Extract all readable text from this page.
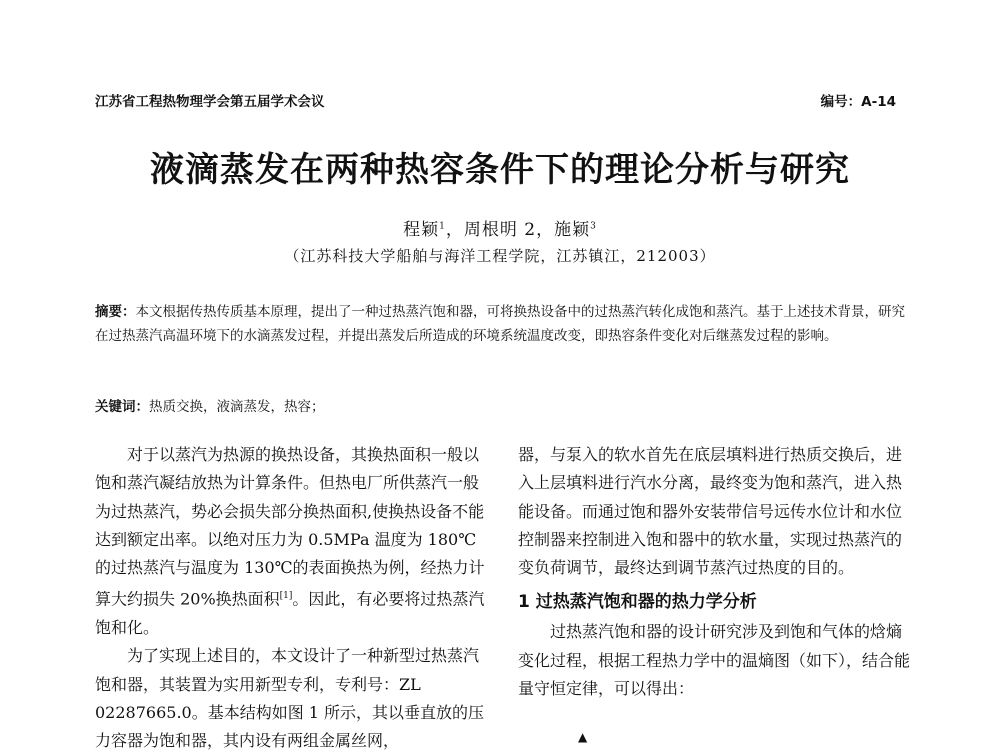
江苏省工程热物理学会第五届学术会议	编号：A-14
液滴蒸发在两种热容条件下的理论分析与研究
程颖$^1$，周根明 2，施颖$^3$
（江苏科技大学船舶与海洋工程学院，江苏镇江，212003）
摘要：本文根据传热传质基本原理，提出了一种过热蒸汽饱和器，可将换热设备中的过热蒸汽转化成饱和蒸汽。基于上述技术背景，研究在过热蒸汽高温环境下的水滴蒸发过程，并提出蒸发后所造成的环境系统温度改变，即热容条件变化对后继蒸发过程的影响。
关键词：热质交换，液滴蒸发，热容；

对于以蒸汽为热源的换热设备，其换热面积一般以饱和蒸汽凝结放热为计算条件。但热电厂所供蒸汽一般为过热蒸汽，势必会损失部分换热面积,使换热设备不能达到额定出率。以绝对压力为 0.5MPa 温度为 180℃的过热蒸汽与温度为 130℃的表面换热为例，经热力计算大约损失 20%换热面积[1]。因此，有必要将过热蒸汽饱和化。

为了实现上述目的，本文设计了一种新型过热蒸汽饱和器，其装置为实用新型专利，专利号：ZL 02287665.0。基本结构如图 1 所示，其以垂直放的压力容器为饱和器，其内设有两组金属丝网，

器，与泵入的软水首先在底层填料进行热质交换后，进入上层填料进行汽水分离，最终变为饱和蒸汽，进入热能设备。而通过饱和器外安装带信号远传水位计和水位控制器来控制进入饱和器中的软水量，实现过热蒸汽的变负荷调节，最终达到调节蒸汽过热度的目的。

1 过热蒸汽饱和器的热力学分析

过热蒸汽饱和器的设计研究涉及到饱和气体的焓熵变化过程，根据工程热力学中的温熵图（如下），结合能量守恒定律，可以得出：

▲
